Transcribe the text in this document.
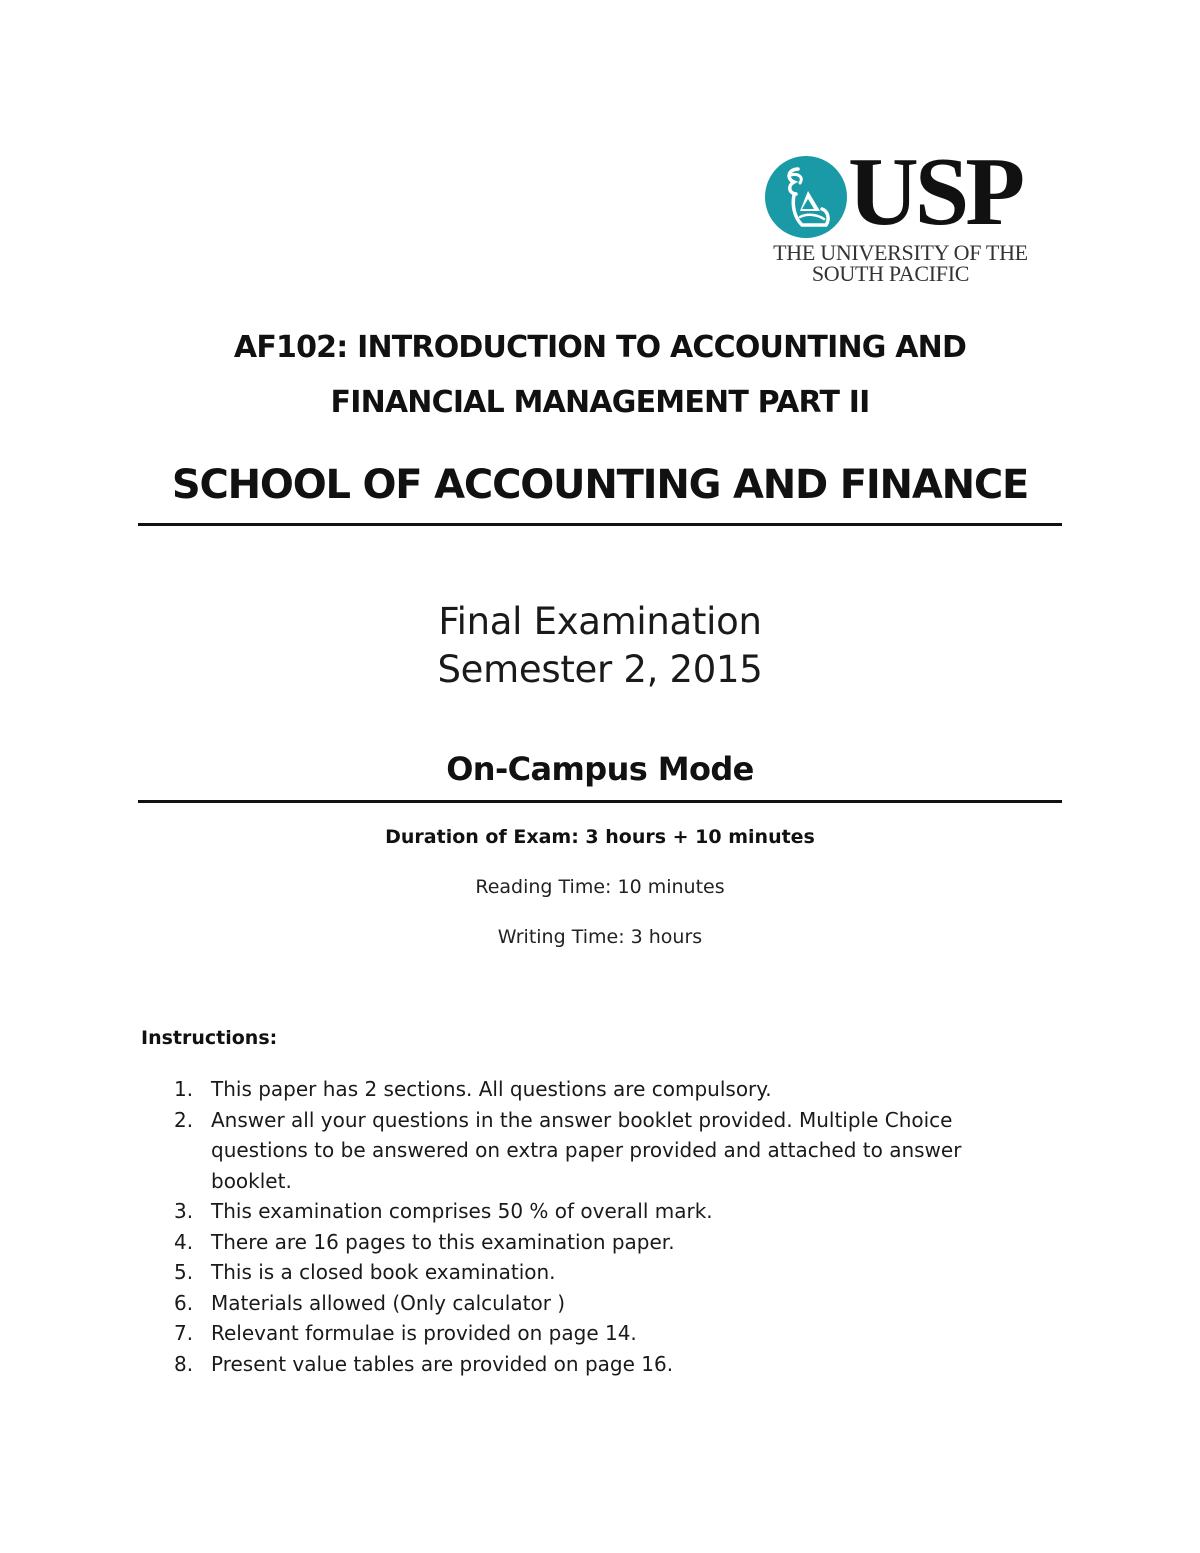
USP
THE UNIVERSITY OF THE
SOUTH PACIFIC
AF102: INTRODUCTION TO ACCOUNTING AND
FINANCIAL MANAGEMENT PART II
SCHOOL OF ACCOUNTING AND FINANCE
Final Examination
Semester 2, 2015
On-Campus Mode
Duration of Exam: 3 hours + 10 minutes
Reading Time: 10 minutes
Writing Time: 3 hours
Instructions:
1. This paper has 2 sections. All questions are compulsory.
2. Answer all your questions in the answer booklet provided. Multiple Choice questions to be answered on extra paper provided and attached to answer booklet.
3. This examination comprises 50 % of overall mark.
4. There are 16 pages to this examination paper.
5. This is a closed book examination.
6. Materials allowed (Only calculator )
7. Relevant formulae is provided on page 14.
8. Present value tables are provided on page 16.
